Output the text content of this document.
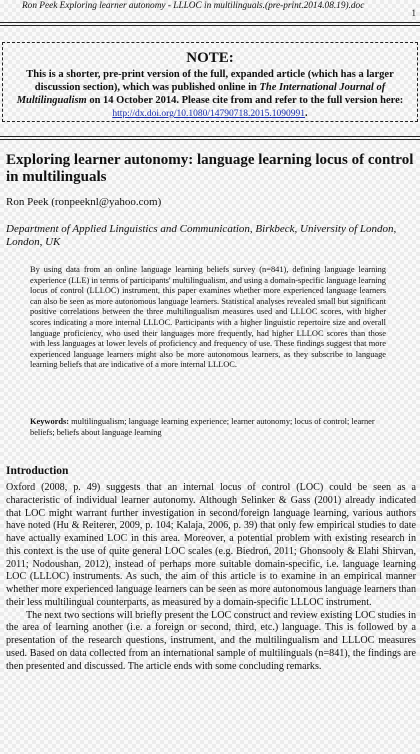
Ron Peek Exploring learner autonomy - LLLOC in multilinguals.(pre-print.2014.08.19).doc
1
NOTE:
This is a shorter, pre-print version of the full, expanded article (which has a larger discussion section), which was published online in The International Journal of Multilingualism on 14 October 2014. Please cite from and refer to the full version here: http://dx.doi.org/10.1080/14790718.2015.1090991.
Exploring learner autonomy: language learning locus of control in multilinguals
Ron Peek (ronpeeknl@yahoo.com)
Department of Applied Linguistics and Communication, Birkbeck, University of London, London, UK
By using data from an online language learning beliefs survey (n=841), defining language learning experience (LLE) in terms of participants' multilingualism, and using a domain-specific language learning locus of control (LLLOC) instrument, this paper examines whether more experienced language learners can also be seen as more autonomous language learners. Statistical analyses revealed small but significant positive correlations between the three multilingualism measures used and LLLOC scores, with higher scores indicating a more internal LLLOC. Participants with a higher linguistic repertoire size and overall language proficiency, who used their languages more frequently, had higher LLLOC scores than those with less languages at lower levels of proficiency and frequency of use. These findings suggest that more experienced language learners might also be more autonomous learners, as they subscribe to language learning beliefs that are indicative of a more internal LLLOC.
Keywords: multilingualism; language learning experience; learner autonomy; locus of control; learner beliefs; beliefs about language learning
Introduction

Oxford (2008, p. 49) suggests that an internal locus of control (LOC) could be seen as a characteristic of individual learner autonomy. Although Selinker & Gass (2001) already indicated that LOC might warrant further investigation in second/foreign language learning, various authors have noted (Hu & Reiterer, 2009, p. 104; Kalaja, 2006, p. 39) that only few empirical studies to date have actually examined LOC in this area. Moreover, a potential problem with existing research in this context is the use of quite general LOC scales (e.g. Biedroń, 2011; Ghonsooly & Elahi Shirvan, 2011; Nodoushan, 2012), instead of perhaps more suitable domain-specific, i.e. language learning LOC (LLLOC) instruments. As such, the aim of this article is to examine in an empirical manner whether more experienced language learners can be seen as more autonomous language learners than their less multilingual counterparts, as measured by a domain-specific LLLOC instrument.

The next two sections will briefly present the LOC construct and review existing LOC studies in the area of learning another (i.e. a foreign or second, third, etc.) language. This is followed by a presentation of the research questions, instrument, and the multilingualism and LLLOC measures used. Based on data collected from an international sample of multilinguals (n=841), the findings are then presented and discussed. The article ends with some concluding remarks.
